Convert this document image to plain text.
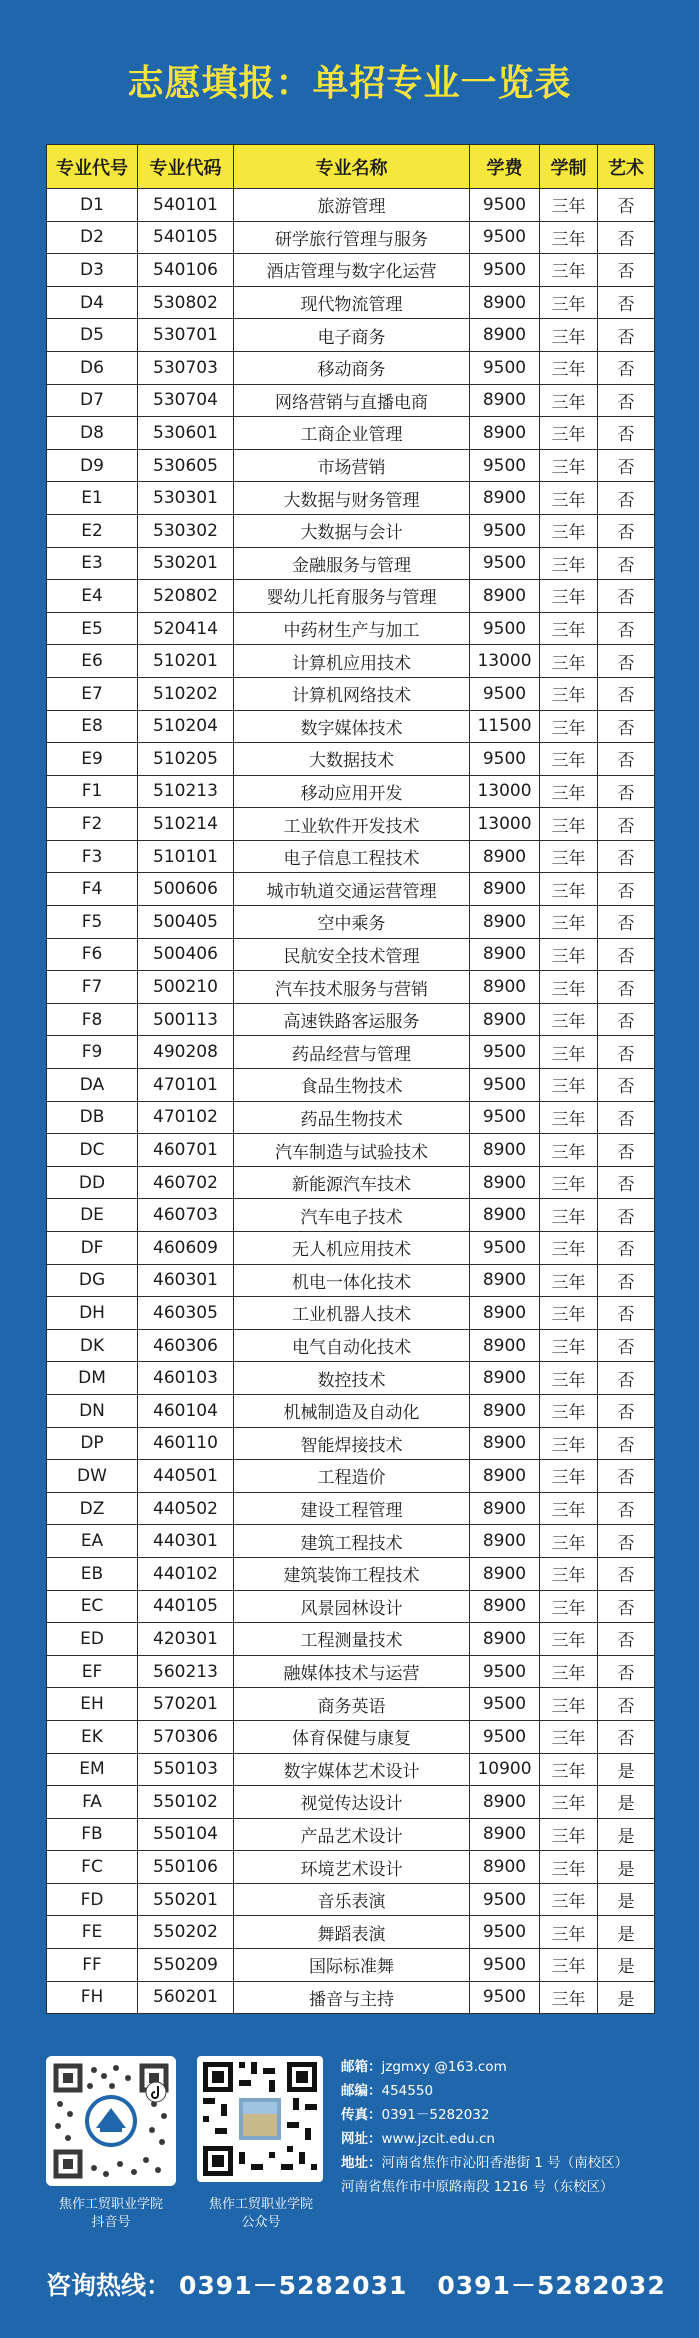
志愿填报：单招专业一览表
专业代号	专业代码	专业名称	学费	学制	艺术
D1	540101	旅游管理	9500	三年	否
D2	540105	研学旅行管理与服务	9500	三年	否
D3	540106	酒店管理与数字化运营	9500	三年	否
D4	530802	现代物流管理	8900	三年	否
D5	530701	电子商务	8900	三年	否
D6	530703	移动商务	9500	三年	否
D7	530704	网络营销与直播电商	8900	三年	否
D8	530601	工商企业管理	8900	三年	否
D9	530605	市场营销	9500	三年	否
E1	530301	大数据与财务管理	8900	三年	否
E2	530302	大数据与会计	9500	三年	否
E3	530201	金融服务与管理	9500	三年	否
E4	520802	婴幼儿托育服务与管理	8900	三年	否
E5	520414	中药材生产与加工	9500	三年	否
E6	510201	计算机应用技术	13000	三年	否
E7	510202	计算机网络技术	9500	三年	否
E8	510204	数字媒体技术	11500	三年	否
E9	510205	大数据技术	9500	三年	否
F1	510213	移动应用开发	13000	三年	否
F2	510214	工业软件开发技术	13000	三年	否
F3	510101	电子信息工程技术	8900	三年	否
F4	500606	城市轨道交通运营管理	8900	三年	否
F5	500405	空中乘务	8900	三年	否
F6	500406	民航安全技术管理	8900	三年	否
F7	500210	汽车技术服务与营销	8900	三年	否
F8	500113	高速铁路客运服务	8900	三年	否
F9	490208	药品经营与管理	9500	三年	否
DA	470101	食品生物技术	9500	三年	否
DB	470102	药品生物技术	9500	三年	否
DC	460701	汽车制造与试验技术	8900	三年	否
DD	460702	新能源汽车技术	8900	三年	否
DE	460703	汽车电子技术	8900	三年	否
DF	460609	无人机应用技术	9500	三年	否
DG	460301	机电一体化技术	8900	三年	否
DH	460305	工业机器人技术	8900	三年	否
DK	460306	电气自动化技术	8900	三年	否
DM	460103	数控技术	8900	三年	否
DN	460104	机械制造及自动化	8900	三年	否
DP	460110	智能焊接技术	8900	三年	否
DW	440501	工程造价	8900	三年	否
DZ	440502	建设工程管理	8900	三年	否
EA	440301	建筑工程技术	8900	三年	否
EB	440102	建筑装饰工程技术	8900	三年	否
EC	440105	风景园林设计	8900	三年	否
ED	420301	工程测量技术	8900	三年	否
EF	560213	融媒体技术与运营	9500	三年	否
EH	570201	商务英语	9500	三年	否
EK	570306	体育保健与康复	9500	三年	否
EM	550103	数字媒体艺术设计	10900	三年	是
FA	550102	视觉传达设计	8900	三年	是
FB	550104	产品艺术设计	8900	三年	是
FC	550106	环境艺术设计	8900	三年	是
FD	550201	音乐表演	9500	三年	是
FE	550202	舞蹈表演	9500	三年	是
FF	550209	国际标准舞	9500	三年	是
FH	560201	播音与主持	9500	三年	是
焦作工贸职业学院
抖音号
焦作工贸职业学院
公众号
邮箱：jzgmxy @163.com
邮编：454550
传真：0391－5282032
网址：www.jzcit.edu.cn
地址：河南省焦作市沁阳香港街 1 号（南校区）
河南省焦作市中原路南段 1216 号（东校区）
咨询热线： 0391－5282031 0391－5282032
